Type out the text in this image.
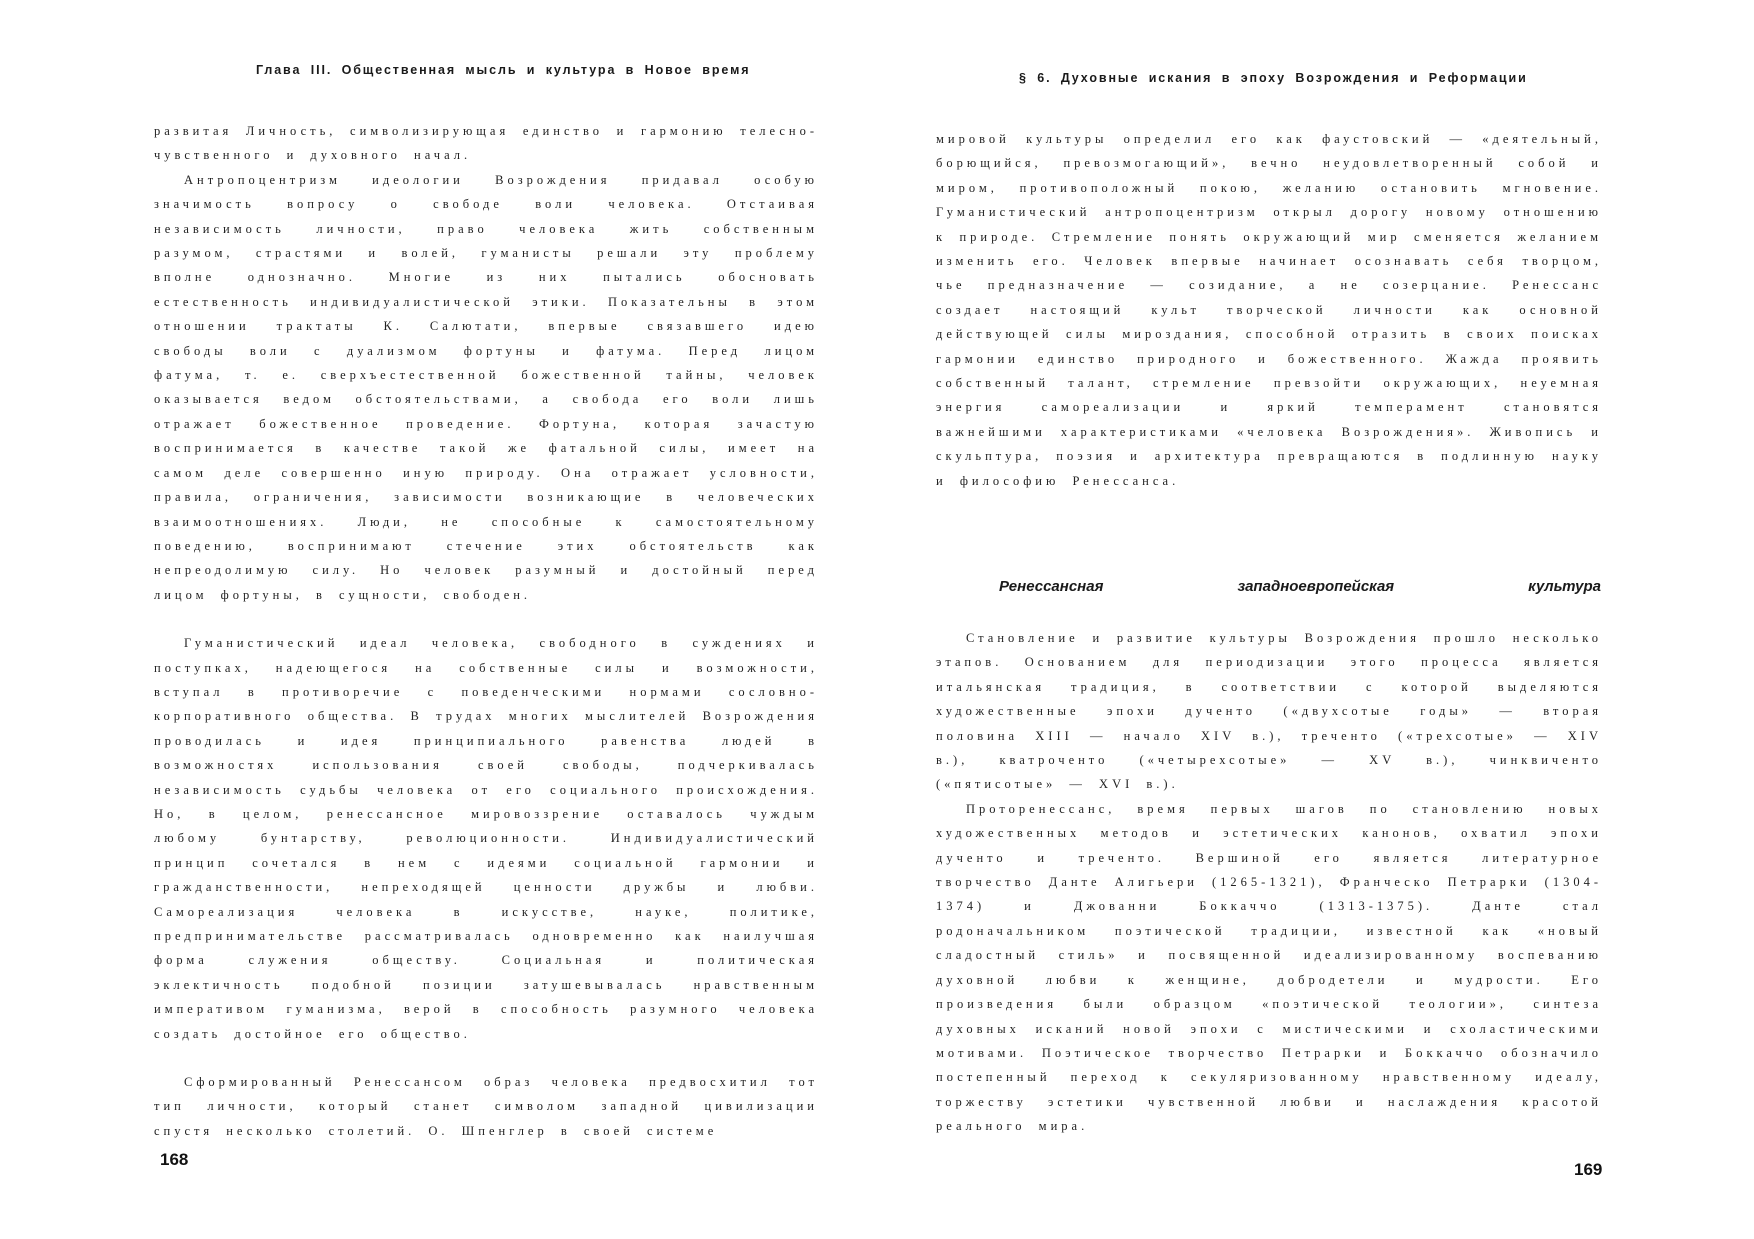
Глава III. Общественная мысль и культура в Новое время

развитая Личность, символизирующая единство и гармонию телесно-чувственного и духовного начал.

Антропоцентризм идеологии Возрождения придавал особую значимость вопросу о свободе воли человека. Отстаивая независимость личности, право человека жить собственным разумом, страстями и волей, гуманисты решали эту проблему вполне однозначно. Многие из них пытались обосновать естественность индивидуалистической этики. Показательны в этом отношении трактаты К. Салютати, впервые связавшего идею свободы воли с дуализмом фортуны и фатума. Перед лицом фатума, т. е. сверхъестественной божественной тайны, человек оказывается ведом обстоятельствами, а свобода его воли лишь отражает божественное проведение. Фортуна, которая зачастую воспринимается в качестве такой же фатальной силы, имеет на самом деле совершенно иную природу. Она отражает условности, правила, ограничения, зависимости возникающие в человеческих взаимоотношениях. Люди, не способные к самостоятельному поведению, воспринимают стечение этих обстоятельств как непреодолимую силу. Но человек разумный и достойный перед лицом фортуны, в сущности, свободен.

Гуманистический идеал человека, свободного в суждениях и поступках, надеющегося на собственные силы и возможности, вступал в противоречие с поведенческими нормами сословно-корпоративного общества. В трудах многих мыслителей Возрождения проводилась и идея принципиального равенства людей в возможностях использования своей свободы, подчеркивалась независимость судьбы человека от его социального происхождения. Но, в целом, ренессансное мировоззрение оставалось чуждым любому бунтарству, революционности. Индивидуалистический принцип сочетался в нем с идеями социальной гармонии и гражданственности, непреходящей ценности дружбы и любви. Самореализация человека в искусстве, науке, политике, предпринимательстве рассматривалась одновременно как наилучшая форма служения обществу. Социальная и политическая эклектичность подобной позиции затушевывалась нравственным императивом гуманизма, верой в способность разумного человека создать достойное его общество.

Сформированный Ренессансом образ человека предвосхитил тот тип личности, который станет символом западной цивилизации спустя несколько столетий. О. Шпенглер в своей системе

168
§ 6. Духовные искания в эпоху Возрождения и Реформации

мировой культуры определил его как фаустовский — «деятельный, борющийся, превозмогающий», вечно неудовлетворенный собой и миром, противоположный покою, желанию остановить мгновение. Гуманистический антропоцентризм открыл дорогу новому отношению к природе. Стремление понять окружающий мир сменяется желанием изменить его. Человек впервые начинает осознавать себя творцом, чье предназначение — созидание, а не созерцание. Ренессанс создает настоящий культ творческой личности как основной действующей силы мироздания, способной отразить в своих поисках гармонии единство природного и божественного. Жажда проявить собственный талант, стремление превзойти окружающих, неуемная энергия самореализации и яркий темперамент становятся важнейшими характеристиками «человека Возрождения». Живопись и скульптура, поэзия и архитектура превращаются в подлинную науку и философию Ренессанса.

Ренессансная	западноевропейская	культура

Становление и развитие культуры Возрождения прошло несколько этапов. Основанием для периодизации этого процесса является итальянская традиция, в соответствии с которой выделяются художественные эпохи дученто («двухсотые годы» — вторая половина XIII — начало XIV в.), треченто («трехсотые» — XIV в.), кватроченто («четырехсотые» — XV в.), чинквиченто («пятисотые» — XVI в.).

Проторенессанс, время первых шагов по становлению новых художественных методов и эстетических канонов, охватил эпохи дученто и треченто. Вершиной его является литературное творчество Данте Алигьери (1265-1321), Франческо Петрарки (1304-1374) и Джованни Боккаччо (1313-1375). Данте стал родоначальником поэтической традиции, известной как «новый сладостный стиль» и посвященной идеализированному воспеванию духовной любви к женщине, добродетели и мудрости. Его произведения были образцом «поэтической теологии», синтеза духовных исканий новой эпохи с мистическими и схоластическими мотивами. Поэтическое творчество Петрарки и Боккаччо обозначило постепенный переход к секуляризованному нравственному идеалу, торжеству эстетики чувственной любви и наслаждения красотой реального мира.

169
